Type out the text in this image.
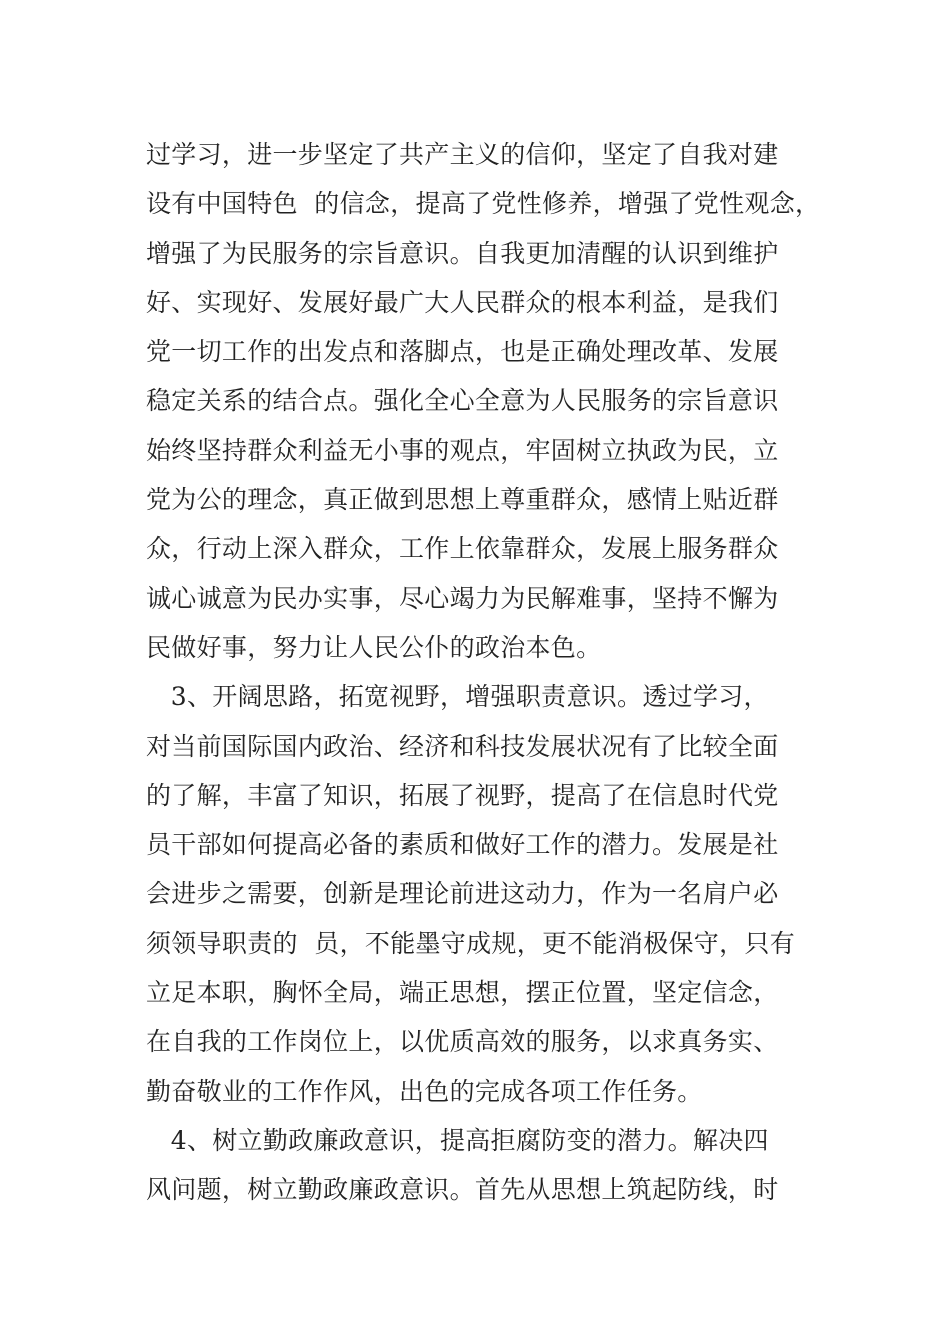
过学习，进一步坚定了共产主义的信仰，坚定了自我对建
设有中国特色  的信念，提高了党性修养，增强了党性观念，
增强了为民服务的宗旨意识。自我更加清醒的认识到维护
好、实现好、发展好最广大人民群众的根本利益，是我们
党一切工作的出发点和落脚点，也是正确处理改革、发展
稳定关系的结合点。强化全心全意为人民服务的宗旨意识
始终坚持群众利益无小事的观点，牢固树立执政为民，立
党为公的理念，真正做到思想上尊重群众，感情上贴近群
众，行动上深入群众，工作上依靠群众，发展上服务群众
诚心诚意为民办实事，尽心竭力为民解难事，坚持不懈为
民做好事，努力让人民公仆的政治本色。
3、开阔思路，拓宽视野，增强职责意识。透过学习，
对当前国际国内政治、经济和科技发展状况有了比较全面
的了解，丰富了知识，拓展了视野，提高了在信息时代党
员干部如何提高必备的素质和做好工作的潜力。发展是社
会进步之需要，创新是理论前进这动力，作为一名肩户必
须领导职责的  员，不能墨守成规，更不能消极保守，只有
立足本职，胸怀全局，端正思想，摆正位置，坚定信念，
在自我的工作岗位上，以优质高效的服务，以求真务实、
勤奋敬业的工作作风，出色的完成各项工作任务。
4、树立勤政廉政意识，提高拒腐防变的潜力。解决四
风问题，树立勤政廉政意识。首先从思想上筑起防线，时
